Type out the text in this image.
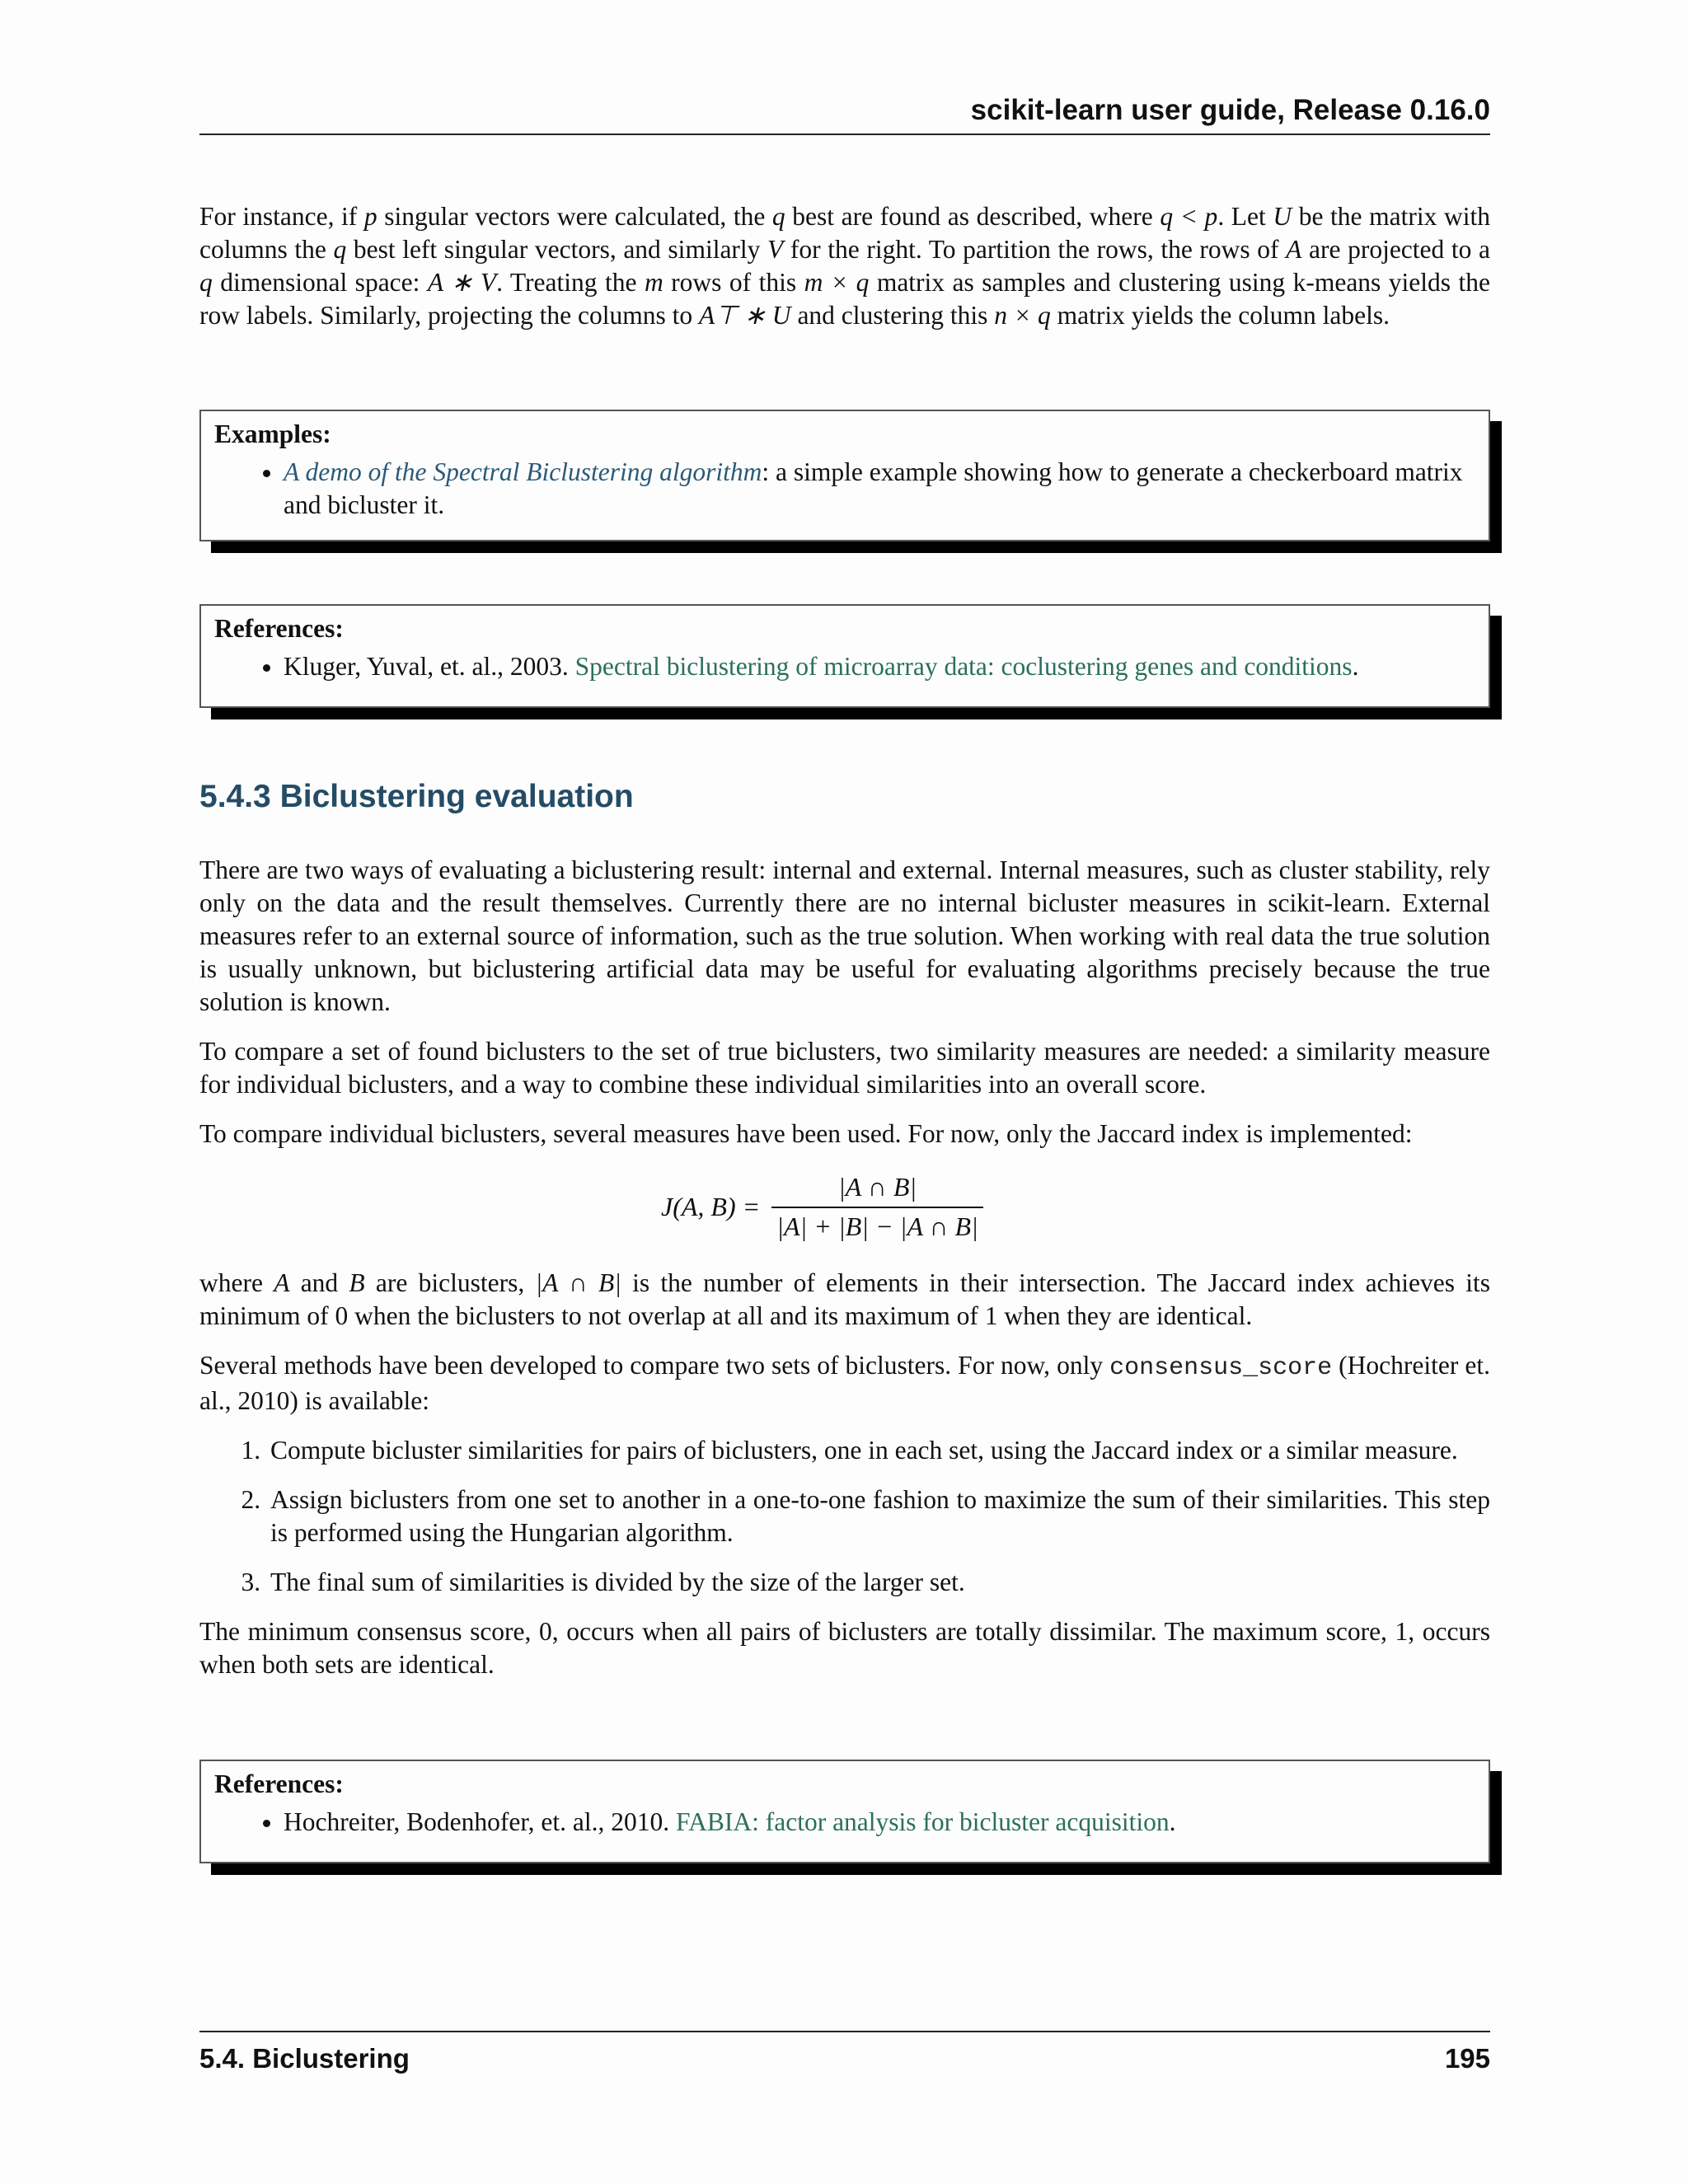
scikit-learn user guide, Release 0.16.0

For instance, if p singular vectors were calculated, the q best are found as described, where q < p. Let U be the matrix with columns the q best left singular vectors, and similarly V for the right. To partition the rows, the rows of A are projected to a q dimensional space: A ∗ V. Treating the m rows of this m × q matrix as samples and clustering using k-means yields the row labels. Similarly, projecting the columns to A⊤ ∗ U and clustering this n × q matrix yields the column labels.

Examples:
• A demo of the Spectral Biclustering algorithm: a simple example showing how to generate a checkerboard matrix and bicluster it.
References:
• Kluger, Yuval, et. al., 2003. Spectral biclustering of microarray data: coclustering genes and conditions.
5.4.3 Biclustering evaluation

There are two ways of evaluating a biclustering result: internal and external. Internal measures, such as cluster stability, rely only on the data and the result themselves. Currently there are no internal bicluster measures in scikit-learn. External measures refer to an external source of information, such as the true solution. When working with real data the true solution is usually unknown, but biclustering artificial data may be useful for evaluating algorithms precisely because the true solution is known.

To compare a set of found biclusters to the set of true biclusters, two similarity measures are needed: a similarity measure for individual biclusters, and a way to combine these individual similarities into an overall score.

To compare individual biclusters, several measures have been used. For now, only the Jaccard index is implemented:

J(A, $B) = \frac{|A \cap B|}{|A| + |B| - |A \cap B|}$

where A and B are biclusters, |A ∩ B| is the number of elements in their intersection. The Jaccard index achieves its minimum of 0 when the biclusters to not overlap at all and its maximum of 1 when they are identical.

Several methods have been developed to compare two sets of biclusters. For now, only consensus_score (Hochreiter et. al., 2010) is available:

1. Compute bicluster similarities for pairs of biclusters, one in each set, using the Jaccard index or a similar measure.
2. Assign biclusters from one set to another in a one-to-one fashion to maximize the sum of their similarities. This step is performed using the Hungarian algorithm.
3. The final sum of similarities is divided by the size of the larger set.

The minimum consensus score, 0, occurs when all pairs of biclusters are totally dissimilar. The maximum score, 1, occurs when both sets are identical.

References:
• Hochreiter, Bodenhofer, et. al., 2010. FABIA: factor analysis for bicluster acquisition.
5.4. Biclustering	195
